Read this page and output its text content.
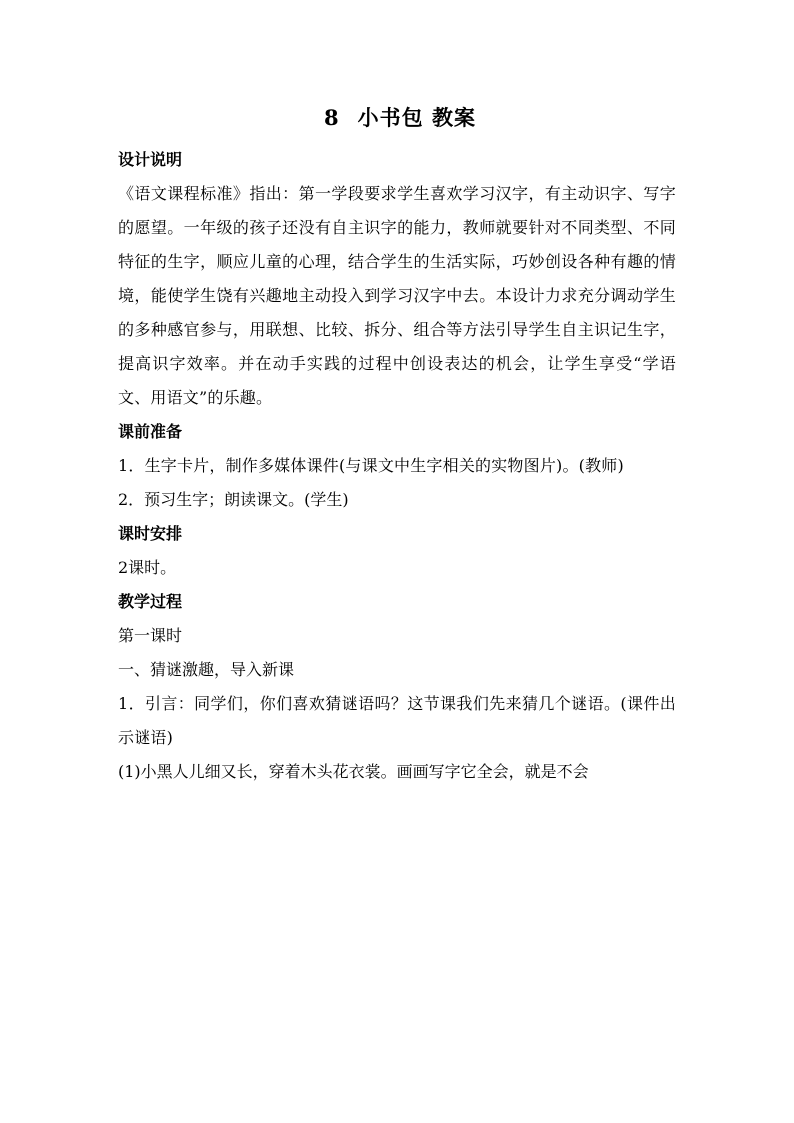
8 小书包 教案

设计说明

《语文课程标准》指出：第一学段要求学生喜欢学习汉字，有主动识字、写字的愿望。一年级的孩子还没有自主识字的能力，教师就要针对不同类型、不同特征的生字，顺应儿童的心理，结合学生的生活实际，巧妙创设各种有趣的情境，能使学生饶有兴趣地主动投入到学习汉字中去。本设计力求充分调动学生的多种感官参与，用联想、比较、拆分、组合等方法引导学生自主识记生字，提高识字效率。并在动手实践的过程中创设表达的机会，让学生享受“学语文、用语文”的乐趣。

课前准备

1．生字卡片，制作多媒体课件(与课文中生字相关的实物图片)。(教师)

2．预习生字；朗读课文。(学生)

课时安排

2课时。

教学过程

第一课时

一、猜谜激趣，导入新课

1．引言：同学们，你们喜欢猜谜语吗？这节课我们先来猜几个谜语。(课件出示谜语)

(1)小黑人儿细又长，穿着木头花衣裳。画画写字它全会，就是不会
